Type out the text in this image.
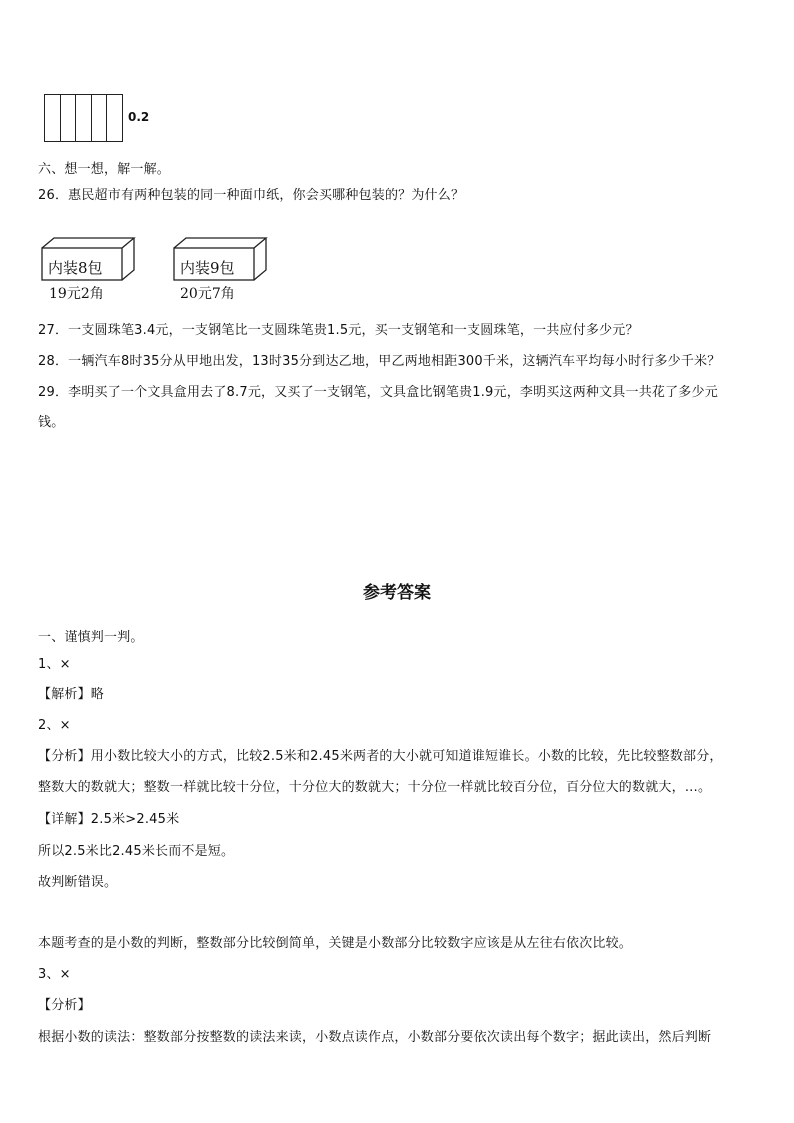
0.2
六、想一想，解一解。
26．惠民超市有两种包装的同一种面巾纸，你会买哪种包装的？为什么？
内装8包
19元2角
内装9包
20元7角
27．一支圆珠笔3.4元，一支钢笔比一支圆珠笔贵1.5元，买一支钢笔和一支圆珠笔，一共应付多少元？
28．一辆汽车8时35分从甲地出发，13时35分到达乙地，甲乙两地相距300千米，这辆汽车平均每小时行多少千米？
29．李明买了一个文具盒用去了8.7元，又买了一支钢笔，文具盒比钢笔贵1.9元，李明买这两种文具一共花了多少元
钱。
参考答案
一、谨慎判一判。
1、×
【解析】略
2、×
【分析】用小数比较大小的方式，比较2.5米和2.45米两者的大小就可知道谁短谁长。小数的比较，先比较整数部分，
整数大的数就大；整数一样就比较十分位，十分位大的数就大；十分位一样就比较百分位，百分位大的数就大，…。
【详解】2.5米>2.45米
所以2.5米比2.45米长而不是短。
故判断错误。
本题考查的是小数的判断，整数部分比较倒简单，关键是小数部分比较数字应该是从左往右依次比较。
3、×
【分析】
根据小数的读法：整数部分按整数的读法来读，小数点读作点，小数部分要依次读出每个数字；据此读出，然后判断
